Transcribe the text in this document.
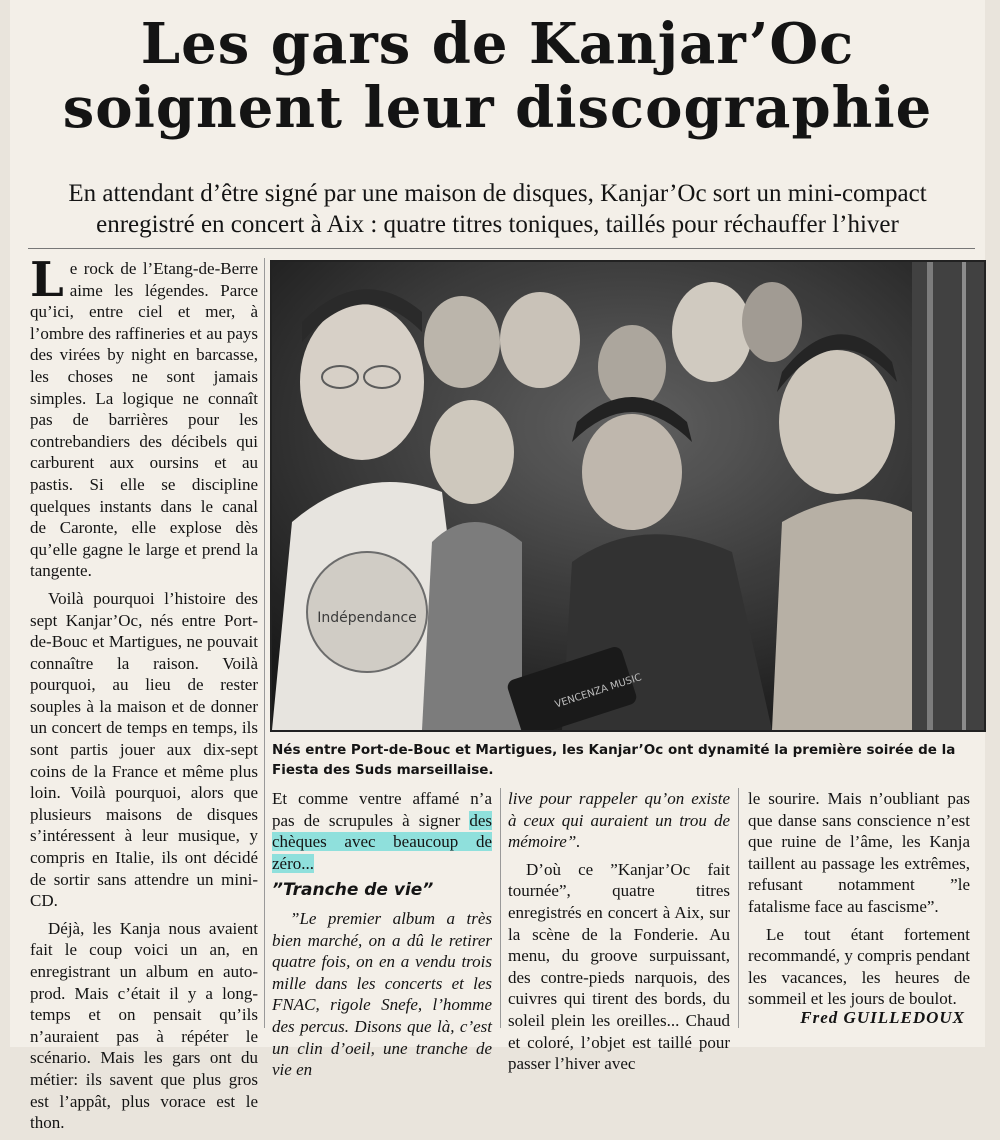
Les gars de Kanjar’Oc
soignent leur discographie
En attendant d’être signé par une maison de disques, Kanjar’Oc sort un mini-compact
enregistré en concert à Aix : quatre titres toniques, taillés pour réchauffer l’hiver

Le rock de l’Etang-de-Berre aime les légendes. Parce qu’ici, entre ciel et mer, à l’ombre des raffineries et au pays des virées by night en barcasse, les choses ne sont jamais simples. La logique ne connaît pas de barrières pour les contrebandiers des décibels qui carburent aux oursins et au pastis. Si elle se discipline quelques instants dans le canal de Caronte, elle explose dès qu’elle gagne le large et prend la tangente.

Voilà pourquoi l’histoire des sept Kanjar’Oc, nés entre Port-de-Bouc et Martigues, ne pouvait connaître la raison. Voilà pourquoi, au lieu de rester souples à la maison et de donner un concert de temps en temps, ils sont partis jouer aux dix-sept coins de la France et même plus loin. Voilà pourquoi, alors que plusieurs maisons de disques s’intéressent à leur musique, y compris en Italie, ils ont décidé de sortir sans attendre un mini-CD.

Déjà, les Kanja nous avaient fait le coup voici un an, en enregistrant un album en auto-prod. Mais c’était il y a long-temps et on pensait qu’ils n’auraient pas à répéter le scénario. Mais les gars ont du métier: ils savent que plus gros est l’appât, plus vorace est le thon.

Indépendance
VENCENZA MUSIC
Nés entre Port-de-Bouc et Martigues, les Kanjar’Oc ont dynamité la première soirée de la Fiesta des Suds marseillaise.

Et comme ventre affamé n’a pas de scrupules à signer des chèques avec beaucoup de zéro...

”Tranche de vie”

”Le premier album a très bien marché, on a dû le retirer quatre fois, on en a vendu trois mille dans les concerts et les FNAC, rigole Snefe, l’homme des percus. Disons que là, c’est un clin d’oeil, une tranche de vie en

live pour rappeler qu’on existe à ceux qui auraient un trou de mémoire”.

D’où ce ”Kanjar’Oc fait tournée”, quatre titres enregistrés en concert à Aix, sur la scène de la Fonderie. Au menu, du groove surpuissant, des contre-pieds narquois, des cuivres qui tirent des bords, du soleil plein les oreilles... Chaud et coloré, l’objet est taillé pour passer l’hiver avec

le sourire. Mais n’oubliant pas que danse sans conscience n’est que ruine de l’âme, les Kanja taillent au passage les extrêmes, refusant notamment ”le fatalisme face au fascisme”.

Le tout étant fortement recommandé, y compris pendant les vacances, les heures de sommeil et les jours de boulot.

Fred GUILLEDOUX
